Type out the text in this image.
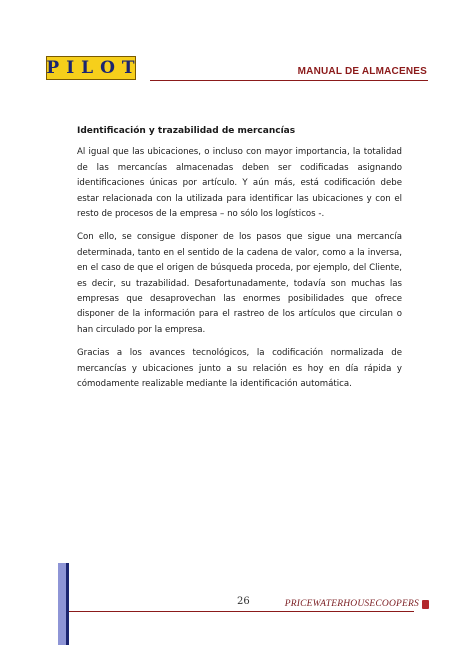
PILOT	MANUAL DE ALMACENES

Identificación y trazabilidad de mercancías

Al igual que las ubicaciones, o incluso con mayor importancia, la totalidad de las mercancías almacenadas deben ser codificadas asignando identificaciones únicas por artículo. Y aún más, está codificación debe estar relacionada con la utilizada para identificar las ubicaciones y con el resto de procesos de la empresa – no sólo los logísticos -.

Con ello, se consigue disponer de los pasos que sigue una mercancía determinada, tanto en el sentido de la cadena de valor, como a la inversa, en el caso de que el origen de búsqueda proceda, por ejemplo, del Cliente, es decir, su trazabilidad. Desafortunadamente, todavía son muchas las empresas que desaprovechan las enormes posibilidades que ofrece disponer de la información para el rastreo de los artículos que circulan o han circulado por la empresa.

Gracias a los avances tecnológicos, la codificación normalizada de mercancías y ubicaciones junto a su relación es hoy en día rápida y cómodamente realizable mediante la identificación automática.

26	PRICEWATERHOUSECOOPERS
